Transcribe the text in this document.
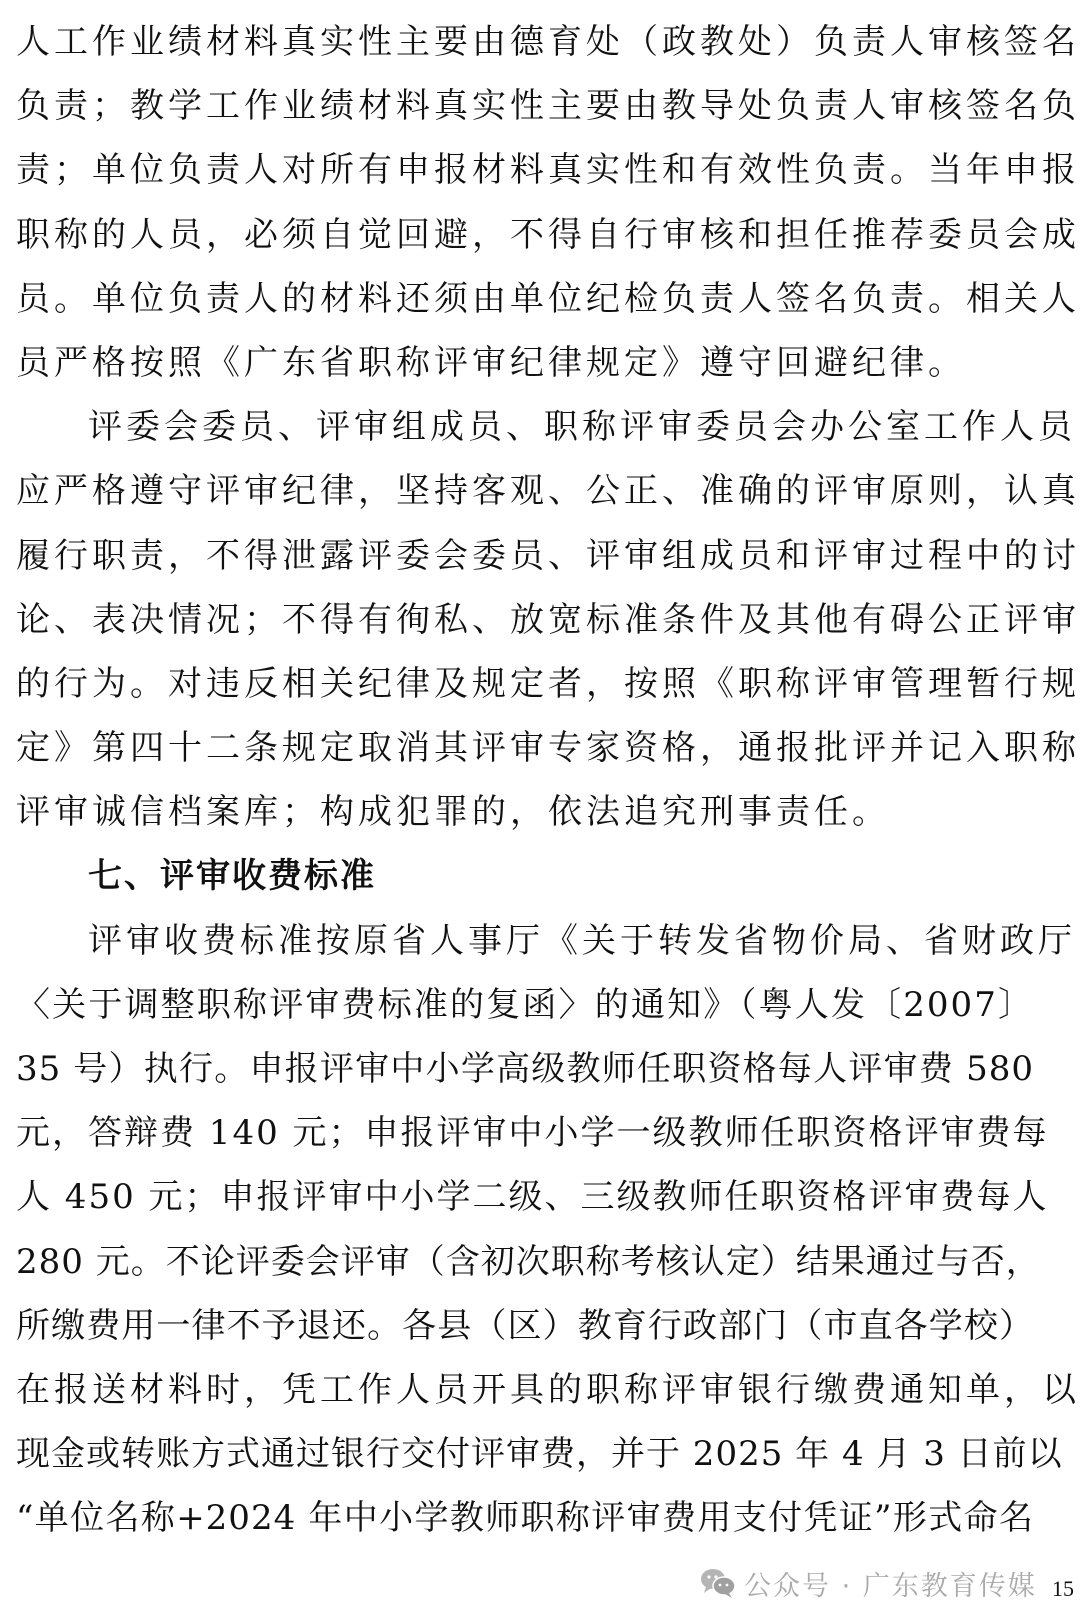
人工作业绩材料真实性主要由德育处（政教处）负责人审核签名
负责；教学工作业绩材料真实性主要由教导处负责人审核签名负
责；单位负责人对所有申报材料真实性和有效性负责。当年申报
职称的人员，必须自觉回避，不得自行审核和担任推荐委员会成
员。单位负责人的材料还须由单位纪检负责人签名负责。相关人
员严格按照《广东省职称评审纪律规定》遵守回避纪律。
评委会委员、评审组成员、职称评审委员会办公室工作人员
应严格遵守评审纪律，坚持客观、公正、准确的评审原则，认真
履行职责，不得泄露评委会委员、评审组成员和评审过程中的讨
论、表决情况；不得有徇私、放宽标准条件及其他有碍公正评审
的行为。对违反相关纪律及规定者，按照《职称评审管理暂行规
定》第四十二条规定取消其评审专家资格，通报批评并记入职称
评审诚信档案库；构成犯罪的，依法追究刑事责任。
七、评审收费标准
评审收费标准按原省人事厅《关于转发省物价局、省财政厅
〈关于调整职称评审费标准的复函〉的通知》（粤人发〔2007〕
35 号）执行。申报评审中小学高级教师任职资格每人评审费 580
元，答辩费 140 元；申报评审中小学一级教师任职资格评审费每
人 450 元；申报评审中小学二级、三级教师任职资格评审费每人
280 元。不论评委会评审（含初次职称考核认定）结果通过与否，
所缴费用一律不予退还。各县（区）教育行政部门（市直各学校）
在报送材料时，凭工作人员开具的职称评审银行缴费通知单，以
现金或转账方式通过银行交付评审费，并于 2025 年 4 月 3 日前以
“单位名称+2024 年中小学教师职称评审费用支付凭证”形式命名
公众号 · 广东教育传媒 15
